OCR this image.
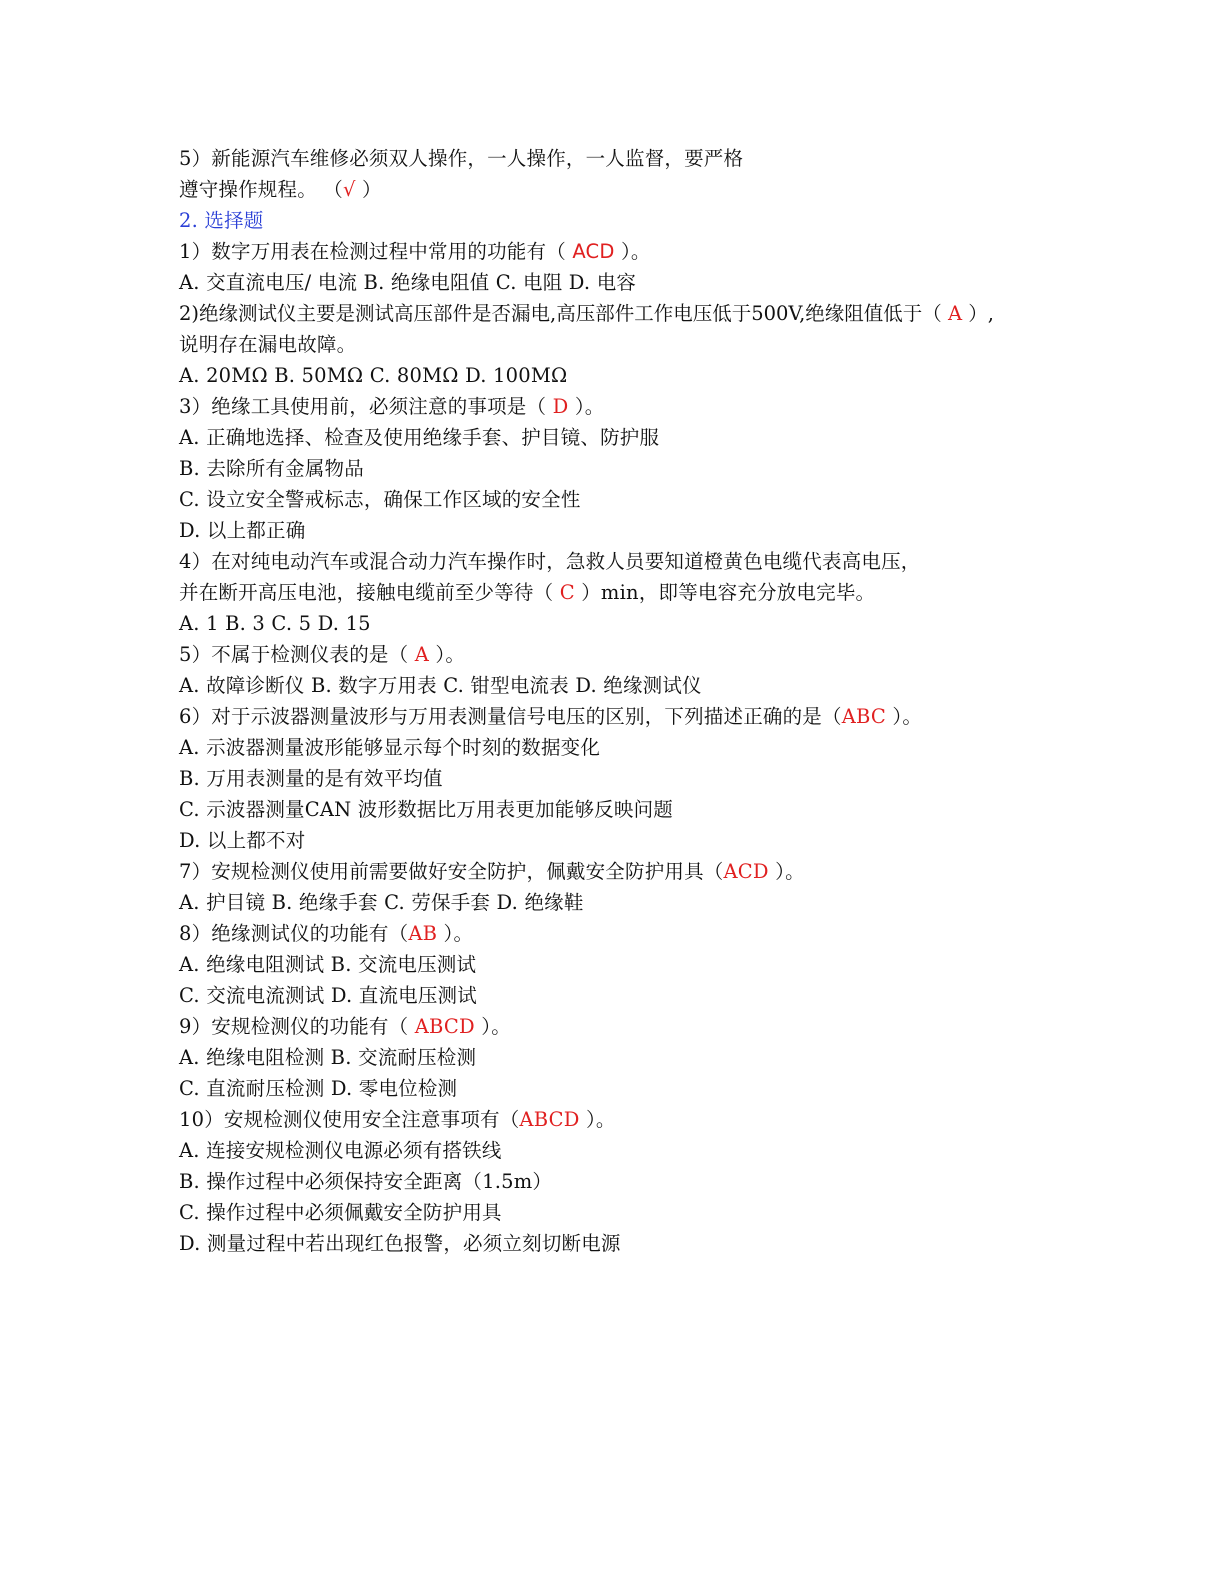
5）新能源汽车维修必须双人操作，一人操作，一人监督，要严格
遵守操作规程。 （√ ）
2. 选择题
1）数字万用表在检测过程中常用的功能有（ ACD ）。
A. 交直流电压/ 电流 B. 绝缘电阻值 C. 电阻 D. 电容
2)绝缘测试仪主要是测试高压部件是否漏电,高压部件工作电压低于500V,绝缘阻值低于（ A ）,
说明存在漏电故障。
A. 20MΩ B. 50MΩ C. 80MΩ D. 100MΩ
3）绝缘工具使用前，必须注意的事项是（ D ）。
A. 正确地选择、检查及使用绝缘手套、护目镜、防护服
B. 去除所有金属物品
C. 设立安全警戒标志，确保工作区域的安全性
D. 以上都正确
4）在对纯电动汽车或混合动力汽车操作时，急救人员要知道橙黄色电缆代表高电压，
并在断开高压电池，接触电缆前至少等待（ C ）min，即等电容充分放电完毕。
A. 1 B. 3 C. 5 D. 15
5）不属于检测仪表的是（ A ）。
A. 故障诊断仪 B. 数字万用表 C. 钳型电流表 D. 绝缘测试仪
6）对于示波器测量波形与万用表测量信号电压的区别，下列描述正确的是（ABC ）。
A. 示波器测量波形能够显示每个时刻的数据变化
B. 万用表测量的是有效平均值
C. 示波器测量CAN 波形数据比万用表更加能够反映问题
D. 以上都不对
7）安规检测仪使用前需要做好安全防护，佩戴安全防护用具（ACD ）。
A. 护目镜 B. 绝缘手套 C. 劳保手套 D. 绝缘鞋
8）绝缘测试仪的功能有（AB ）。
A. 绝缘电阻测试 B. 交流电压测试
C. 交流电流测试 D. 直流电压测试
9）安规检测仪的功能有（ ABCD ）。
A. 绝缘电阻检测 B. 交流耐压检测
C. 直流耐压检测 D. 零电位检测
10）安规检测仪使用安全注意事项有（ABCD ）。
A. 连接安规检测仪电源必须有搭铁线
B. 操作过程中必须保持安全距离（1.5m）
C. 操作过程中必须佩戴安全防护用具
D. 测量过程中若出现红色报警，必须立刻切断电源
